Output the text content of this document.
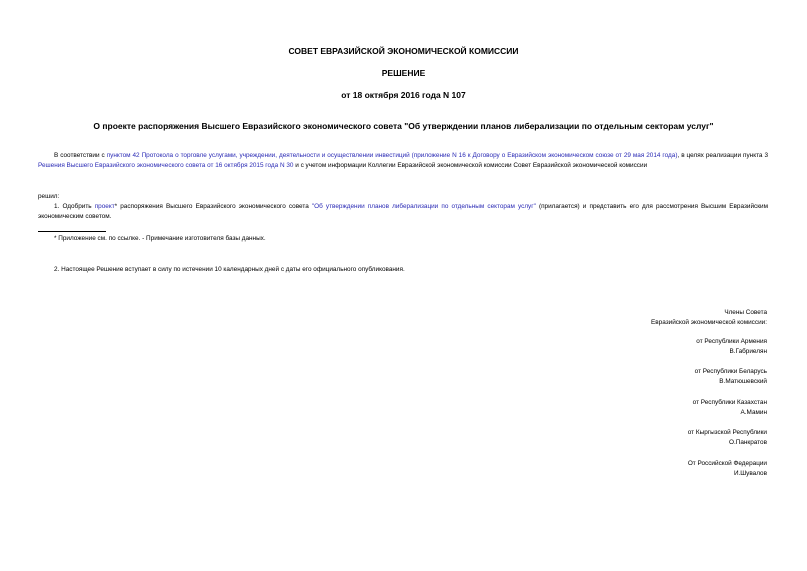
СОВЕТ ЕВРАЗИЙСКОЙ ЭКОНОМИЧЕСКОЙ КОМИССИИ
РЕШЕНИЕ
от 18 октября 2016 года N 107
О проекте распоряжения Высшего Евразийского экономического совета "Об утверждении планов либерализации по отдельным секторам услуг"
В соответствии с пунктом 42 Протокола о торговле услугами, учреждении, деятельности и осуществлении инвестиций (приложение N 16 к Договору о Евразийском экономическом союзе от 29 мая 2014 года), в целях реализации пункта 3 Решения Высшего Евразийского экономического совета от 16 октября 2015 года N 30 и с учетом информации Коллегии Евразийской экономической комиссии Совет Евразийской экономической комиссии
решил:
1. Одобрить проект* распоряжения Высшего Евразийского экономического совета "Об утверждении планов либерализации по отдельным секторам услуг" (прилагается) и представить его для рассмотрения Высшим Евразийским экономическим советом.
* Приложение см. по ссылке. - Примечание изготовителя базы данных.
2. Настоящее Решение вступает в силу по истечении 10 календарных дней с даты его официального опубликования.
Члены Совета
Евразийской экономической комиссии:
от Республики Армения
В.Габриелян
от Республики Беларусь
В.Матюшевский
от Республики Казахстан
А.Мамин
от Кыргызской Республики
О.Панкратов
От Российской Федерации
И.Шувалов
